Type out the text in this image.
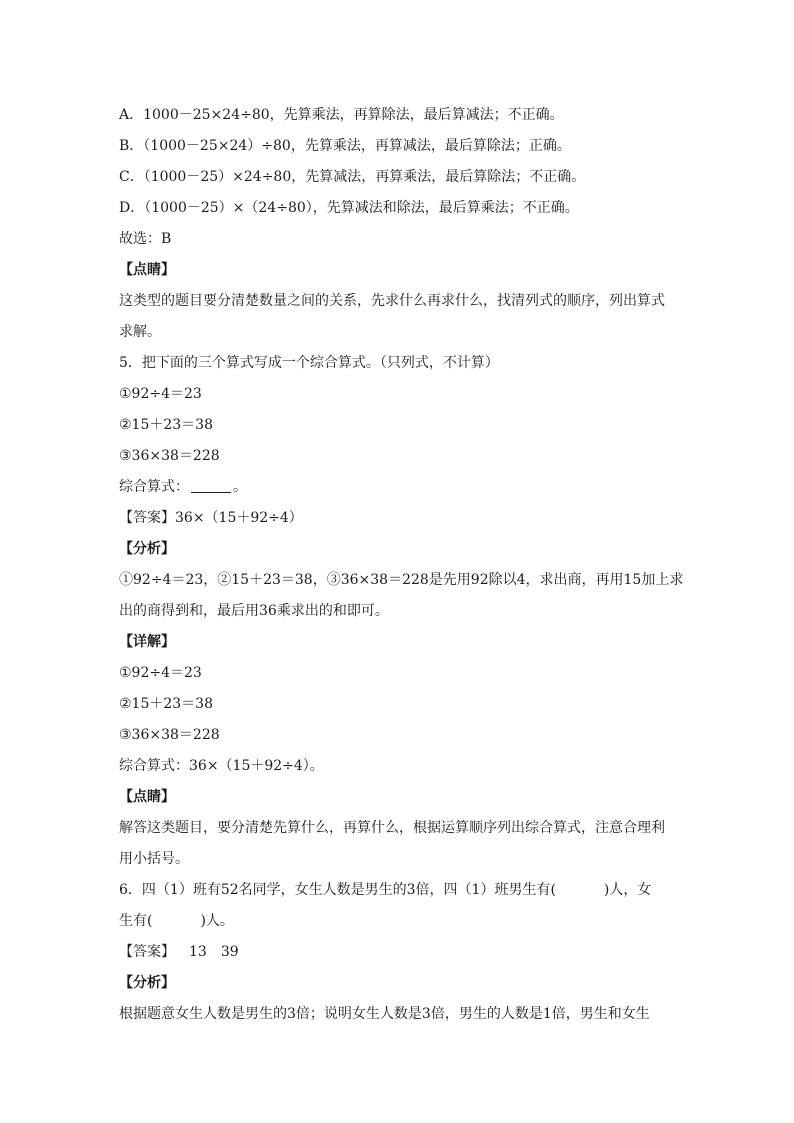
A．1000－25×24÷80，先算乘法，再算除法，最后算减法；不正确。
B．（1000－25×24）÷80，先算乘法，再算减法，最后算除法；正确。
C．（1000－25）×24÷80，先算减法，再算乘法，最后算除法；不正确。
D．（1000－25）×（24÷80），先算减法和除法，最后算乘法；不正确。
故选：B
【点睛】
这类型的题目要分清楚数量之间的关系，先求什么再求什么，找清列式的顺序，列出算式
求解。
5．把下面的三个算式写成一个综合算式。（只列式，不计算）
①92÷4＝23
②15＋23＝38
③36×38＝228
综合算式：	。
【答案】36×（15＋92÷4）
【分析】
①92÷4＝23，②15＋23＝38，③36×38＝228是先用92除以4，求出商，再用15加上求
出的商得到和，最后用36乘求出的和即可。
【详解】
①92÷4＝23
②15＋23＝38
③36×38＝228
综合算式：36×（15＋92÷4）。
【点睛】
解答这类题目，要分清楚先算什么，再算什么，根据运算顺序列出综合算式，注意合理利
用小括号。
6．四（1）班有52名同学，女生人数是男生的3倍，四（1）班男生有(	)人，女
生有(	)人。
【答案】 13 39
【分析】
根据题意女生人数是男生的3倍；说明女生人数是3倍，男生的人数是1倍，男生和女生
